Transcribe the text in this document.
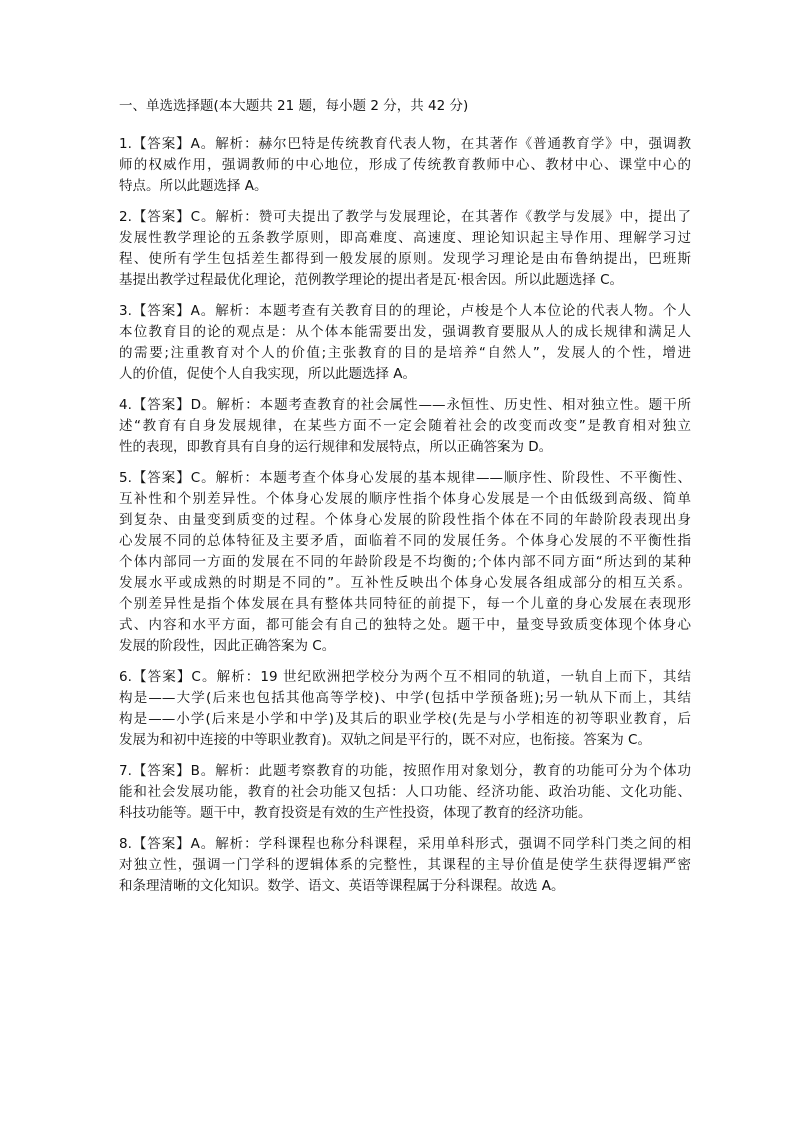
一、单选选择题(本大题共 21 题，每小题 2 分，共 42 分)
1.【答案】A。解析：赫尔巴特是传统教育代表人物，在其著作《普通教育学》中，强调教
师的权威作用，强调教师的中心地位，形成了传统教育教师中心、教材中心、课堂中心的
特点。所以此题选择 A。
2.【答案】C。解析：赞可夫提出了教学与发展理论，在其著作《教学与发展》中，提出了
发展性教学理论的五条教学原则，即高难度、高速度、理论知识起主导作用、理解学习过
程、使所有学生包括差生都得到一般发展的原则。发现学习理论是由布鲁纳提出，巴班斯
基提出教学过程最优化理论，范例教学理论的提出者是瓦·根舍因。所以此题选择 C。
3.【答案】A。解析：本题考查有关教育目的的理论，卢梭是个人本位论的代表人物。个人
本位教育目的论的观点是：从个体本能需要出发，强调教育要服从人的成长规律和满足人
的需要;注重教育对个人的价值;主张教育的目的是培养“自然人”，发展人的个性，增进
人的价值，促使个人自我实现，所以此题选择 A。
4.【答案】D。解析：本题考查教育的社会属性——永恒性、历史性、相对独立性。题干所
述“教育有自身发展规律，在某些方面不一定会随着社会的改变而改变”是教育相对独立
性的表现，即教育具有自身的运行规律和发展特点，所以正确答案为 D。
5.【答案】C。解析：本题考查个体身心发展的基本规律——顺序性、阶段性、不平衡性、
互补性和个别差异性。个体身心发展的顺序性指个体身心发展是一个由低级到高级、简单
到复杂、由量变到质变的过程。个体身心发展的阶段性指个体在不同的年龄阶段表现出身
心发展不同的总体特征及主要矛盾，面临着不同的发展任务。个体身心发展的不平衡性指
个体内部同一方面的发展在不同的年龄阶段是不均衡的;个体内部不同方面“所达到的某种
发展水平或成熟的时期是不同的”。互补性反映出个体身心发展各组成部分的相互关系。
个别差异性是指个体发展在具有整体共同特征的前提下，每一个儿童的身心发展在表现形
式、内容和水平方面，都可能会有自己的独特之处。题干中，量变导致质变体现个体身心
发展的阶段性，因此正确答案为 C。
6.【答案】C。解析：19 世纪欧洲把学校分为两个互不相同的轨道，一轨自上而下，其结
构是——大学(后来也包括其他高等学校)、中学(包括中学预备班);另一轨从下而上，其结
构是——小学(后来是小学和中学)及其后的职业学校(先是与小学相连的初等职业教育，后
发展为和初中连接的中等职业教育)。双轨之间是平行的，既不对应，也衔接。答案为 C。
7.【答案】B。解析：此题考察教育的功能，按照作用对象划分，教育的功能可分为个体功
能和社会发展功能，教育的社会功能又包括：人口功能、经济功能、政治功能、文化功能、
科技功能等。题干中，教育投资是有效的生产性投资，体现了教育的经济功能。
8.【答案】A。解析：学科课程也称分科课程，采用单科形式，强调不同学科门类之间的相
对独立性，强调一门学科的逻辑体系的完整性，其课程的主导价值是使学生获得逻辑严密
和条理清晰的文化知识。数学、语文、英语等课程属于分科课程。故选 A。
